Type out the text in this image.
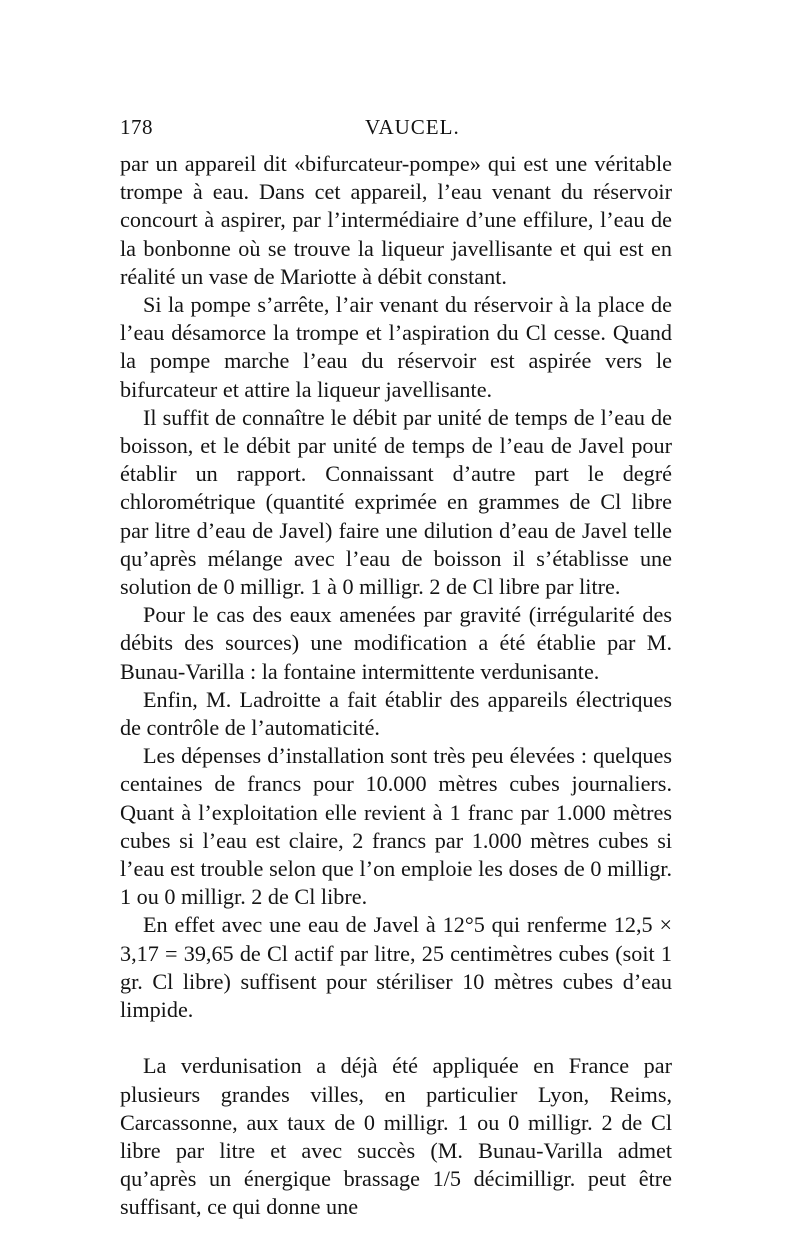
178	VAUCEL.

par un appareil dit «bifurcateur-pompe» qui est une véritable trompe à eau. Dans cet appareil, l’eau venant du réservoir concourt à aspirer, par l’intermédiaire d’une effilure, l’eau de la bonbonne où se trouve la liqueur javellisante et qui est en réalité un vase de Mariotte à débit constant.

Si la pompe s’arrête, l’air venant du réservoir à la place de l’eau désamorce la trompe et l’aspiration du Cl cesse. Quand la pompe marche l’eau du réservoir est aspirée vers le bifurcateur et attire la liqueur javellisante.

Il suffit de connaître le débit par unité de temps de l’eau de boisson, et le débit par unité de temps de l’eau de Javel pour établir un rapport. Connaissant d’autre part le degré chlorométrique (quantité exprimée en grammes de Cl libre par litre d’eau de Javel) faire une dilution d’eau de Javel telle qu’après mélange avec l’eau de boisson il s’établisse une solution de 0 milligr. 1 à 0 milligr. 2 de Cl libre par litre.

Pour le cas des eaux amenées par gravité (irrégularité des débits des sources) une modification a été établie par M. Bunau-Varilla : la fontaine intermittente verdunisante.

Enfin, M. Ladroitte a fait établir des appareils électriques de contrôle de l’automaticité.

Les dépenses d’installation sont très peu élevées : quelques centaines de francs pour 10.000 mètres cubes journaliers. Quant à l’exploitation elle revient à 1 franc par 1.000 mètres cubes si l’eau est claire, 2 francs par 1.000 mètres cubes si l’eau est trouble selon que l’on emploie les doses de 0 milligr. 1 ou 0 milligr. 2 de Cl libre.

En effet avec une eau de Javel à 12°5 qui renferme 12,5 × 3,17 = 39,65 de Cl actif par litre, 25 centimètres cubes (soit 1 gr. Cl libre) suffisent pour stériliser 10 mètres cubes d’eau limpide.

La verdunisation a déjà été appliquée en France par plusieurs grandes villes, en particulier Lyon, Reims, Carcassonne, aux taux de 0 milligr. 1 ou 0 milligr. 2 de Cl libre par litre et avec succès (M. Bunau-Varilla admet qu’après un énergique brassage 1/5 décimilligr. peut être suffisant, ce qui donne une
